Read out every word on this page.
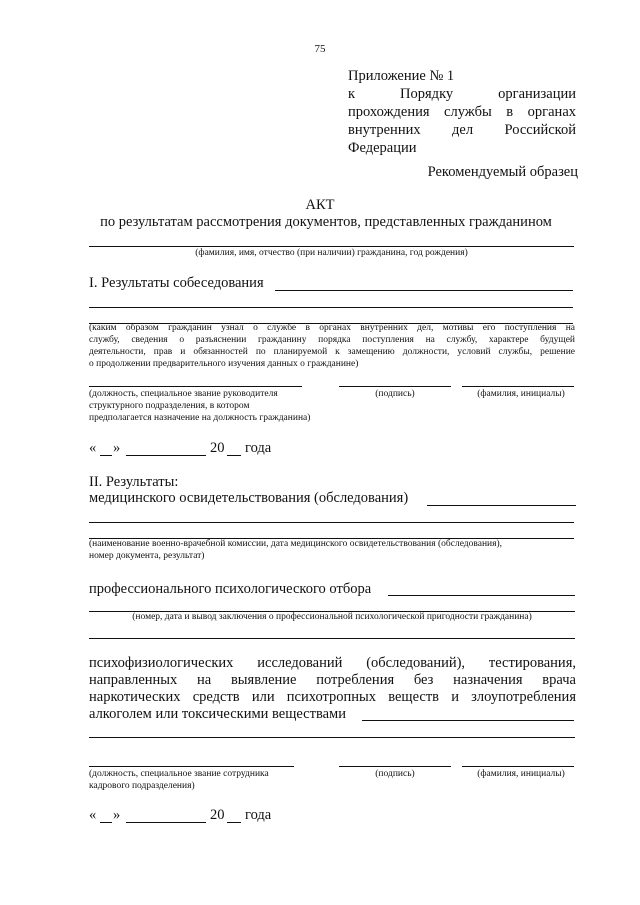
75
Приложение № 1
к Порядку организации
прохождения службы в органах
внутренних дел Российской
Федерации
Рекомендуемый образец
АКТ
по результатам рассмотрения документов, представленных гражданином
(фамилия, имя, отчество (при наличии) гражданина, год рождения)
I. Результаты собеседования
(каким образом гражданин узнал о службе в органах внутренних дел, мотивы его поступления на
службу, сведения о разъяснении гражданину порядка поступления на службу, характере будущей
деятельности, прав и обязанностей по планируемой к замещению должности, условий службы, решение
о продолжении предварительного изучения данных о гражданине)
(должность, специальное звание руководителя
структурного подразделения, в котором
предполагается назначение на должность гражданина)
(подпись)	(фамилия, инициалы)
« »	20 года
II. Результаты:
медицинского освидетельствования (обследования)
(наименование военно-врачебной комиссии, дата медицинского освидетельствования (обследования),
номер документа, результат)
профессионального психологического отбора
(номер, дата и вывод заключения о профессиональной психологической пригодности гражданина)
психофизиологических исследований (обследований), тестирования,
направленных на выявление потребления без назначения врача
наркотических средств или психотропных веществ и злоупотребления
алкоголем или токсическими веществами
(должность, специальное звание сотрудника
кадрового подразделения)
(подпись)	(фамилия, инициалы)
« »	20 года
